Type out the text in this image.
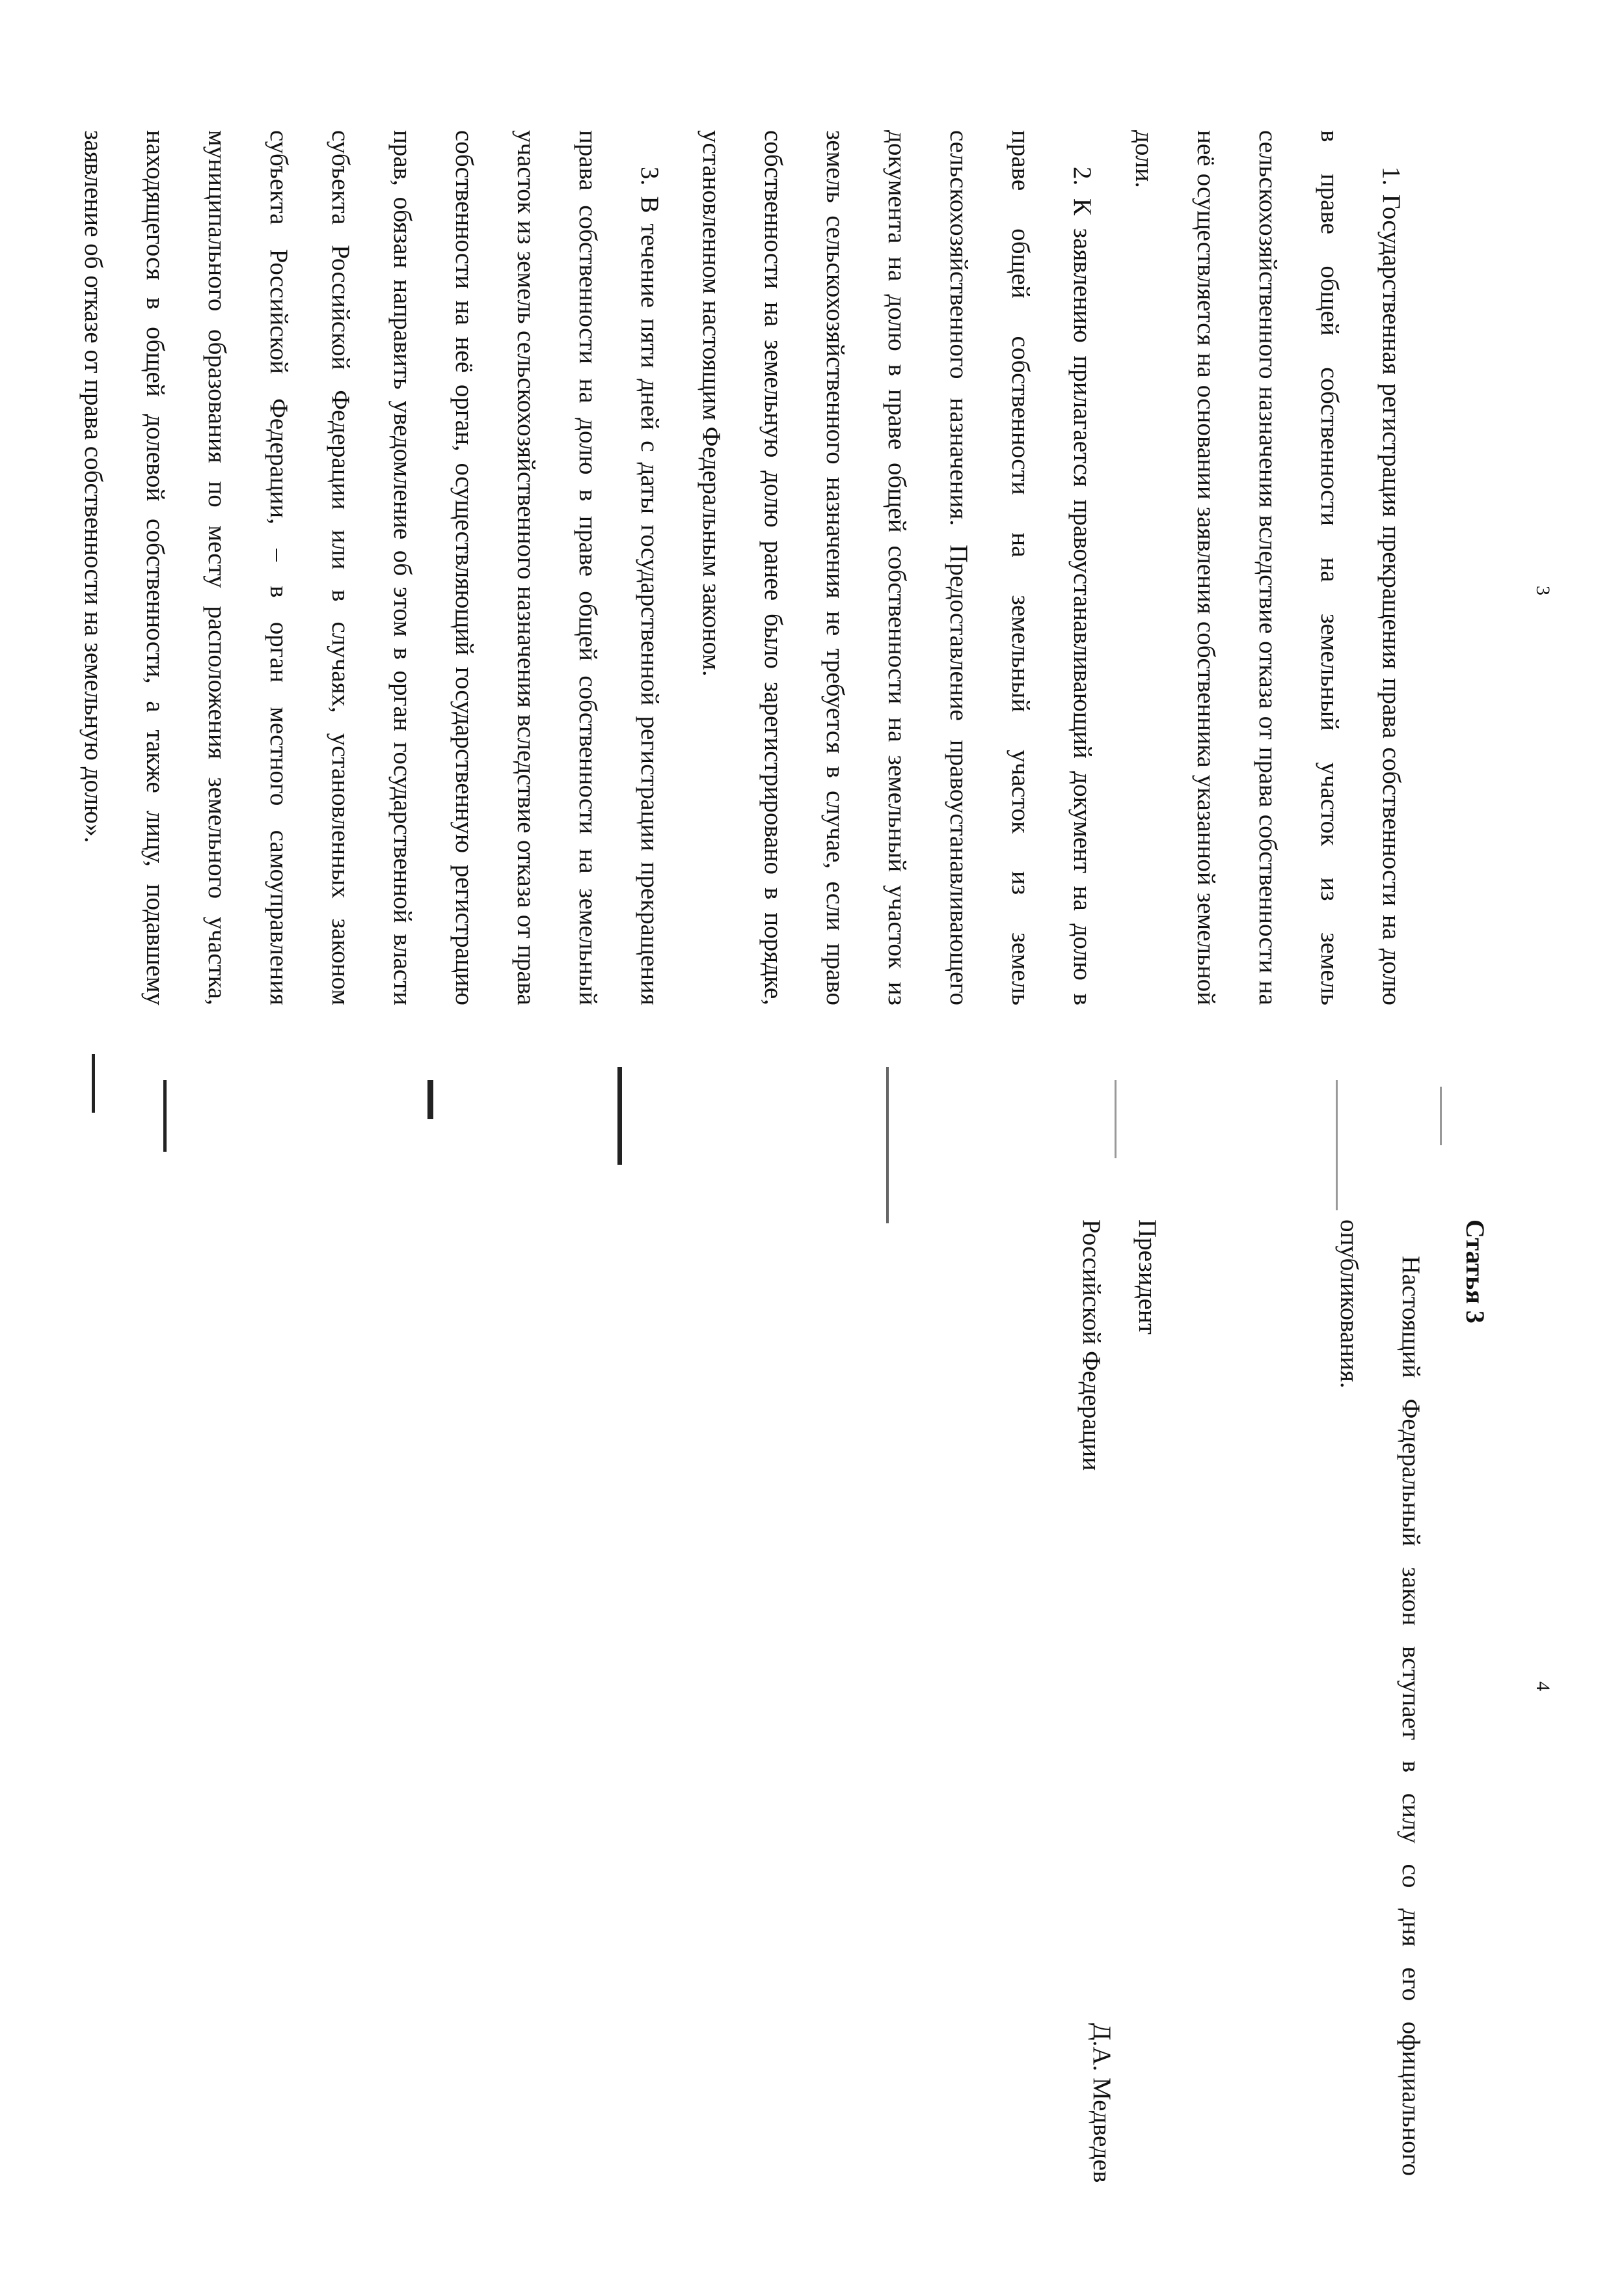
3

1. Государственная регистрация прекращения права собственности на долю в праве общей собственности на земельный участок из земель сельскохозяйственного назначения вследствие отказа от права собственности на неё осуществляется на основании заявления собственника указанной земельной доли.

2. К заявлению прилагается правоустанавливающий документ на долю в праве общей собственности на земельный участок из земель сельскохозяйственного назначения. Предоставление правоустанавливающего документа на долю в праве общей собственности на земельный участок из земель сельскохозяйственного назначения не требуется в случае, если право собственности на земельную долю ранее было зарегистрировано в порядке, установленном настоящим Федеральным законом.

3. В течение пяти дней с даты государственной регистрации прекращения права собственности на долю в праве общей собственности на земельный участок из земель сельскохозяйственного назначения вследствие отказа от права собственности на неё орган, осуществляющий государственную регистрацию прав, обязан направить уведомление об этом в орган государственной власти субъекта Российской Федерации или в случаях, установленных законом субъекта Российской Федерации, – в орган местного самоуправления муниципального образования по месту расположения земельного участка, находящегося в общей долевой собственности, а также лицу, подавшему заявление об отказе от права собственности на земельную долю».

4
Статья 3

Настоящий Федеральный закон вступает в силу со дня его официального опубликования.

Президент
Российской Федерации
Д.А. Медведев
